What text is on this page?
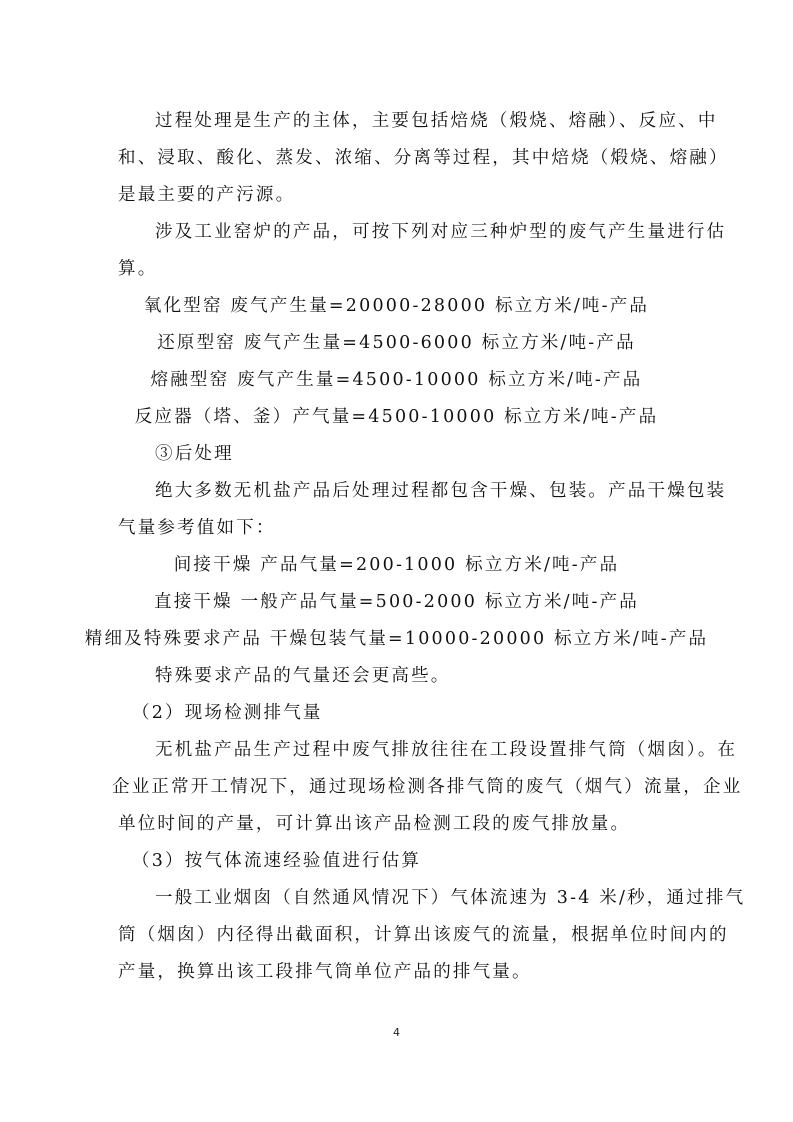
过程处理是生产的主体，主要包括焙烧（煅烧、熔融）、反应、中
和、浸取、酸化、蒸发、浓缩、分离等过程，其中焙烧（煅烧、熔融）
是最主要的产污源。
涉及工业窑炉的产品，可按下列对应三种炉型的废气产生量进行估
算。
氧化型窑 废气产生量=20000-28000 标立方米/吨-产品
还原型窑 废气产生量=4500-6000 标立方米/吨-产品
熔融型窑 废气产生量=4500-10000 标立方米/吨-产品
反应器（塔、釜）产气量=4500-10000 标立方米/吨-产品
③后处理
绝大多数无机盐产品后处理过程都包含干燥、包装。产品干燥包装
气量参考值如下：
间接干燥 产品气量=200-1000 标立方米/吨-产品
直接干燥 一般产品气量=500-2000 标立方米/吨-产品
精细及特殊要求产品 干燥包装气量=10000-20000 标立方米/吨-产品
特殊要求产品的气量还会更高些。
（2）现场检测排气量
无机盐产品生产过程中废气排放往往在工段设置排气筒（烟囱）。在
企业正常开工情况下，通过现场检测各排气筒的废气（烟气）流量，企业
单位时间的产量，可计算出该产品检测工段的废气排放量。
（3）按气体流速经验值进行估算
一般工业烟囱（自然通风情况下）气体流速为 3-4 米/秒，通过排气
筒（烟囱）内径得出截面积，计算出该废气的流量，根据单位时间内的
产量，换算出该工段排气筒单位产品的排气量。
4
